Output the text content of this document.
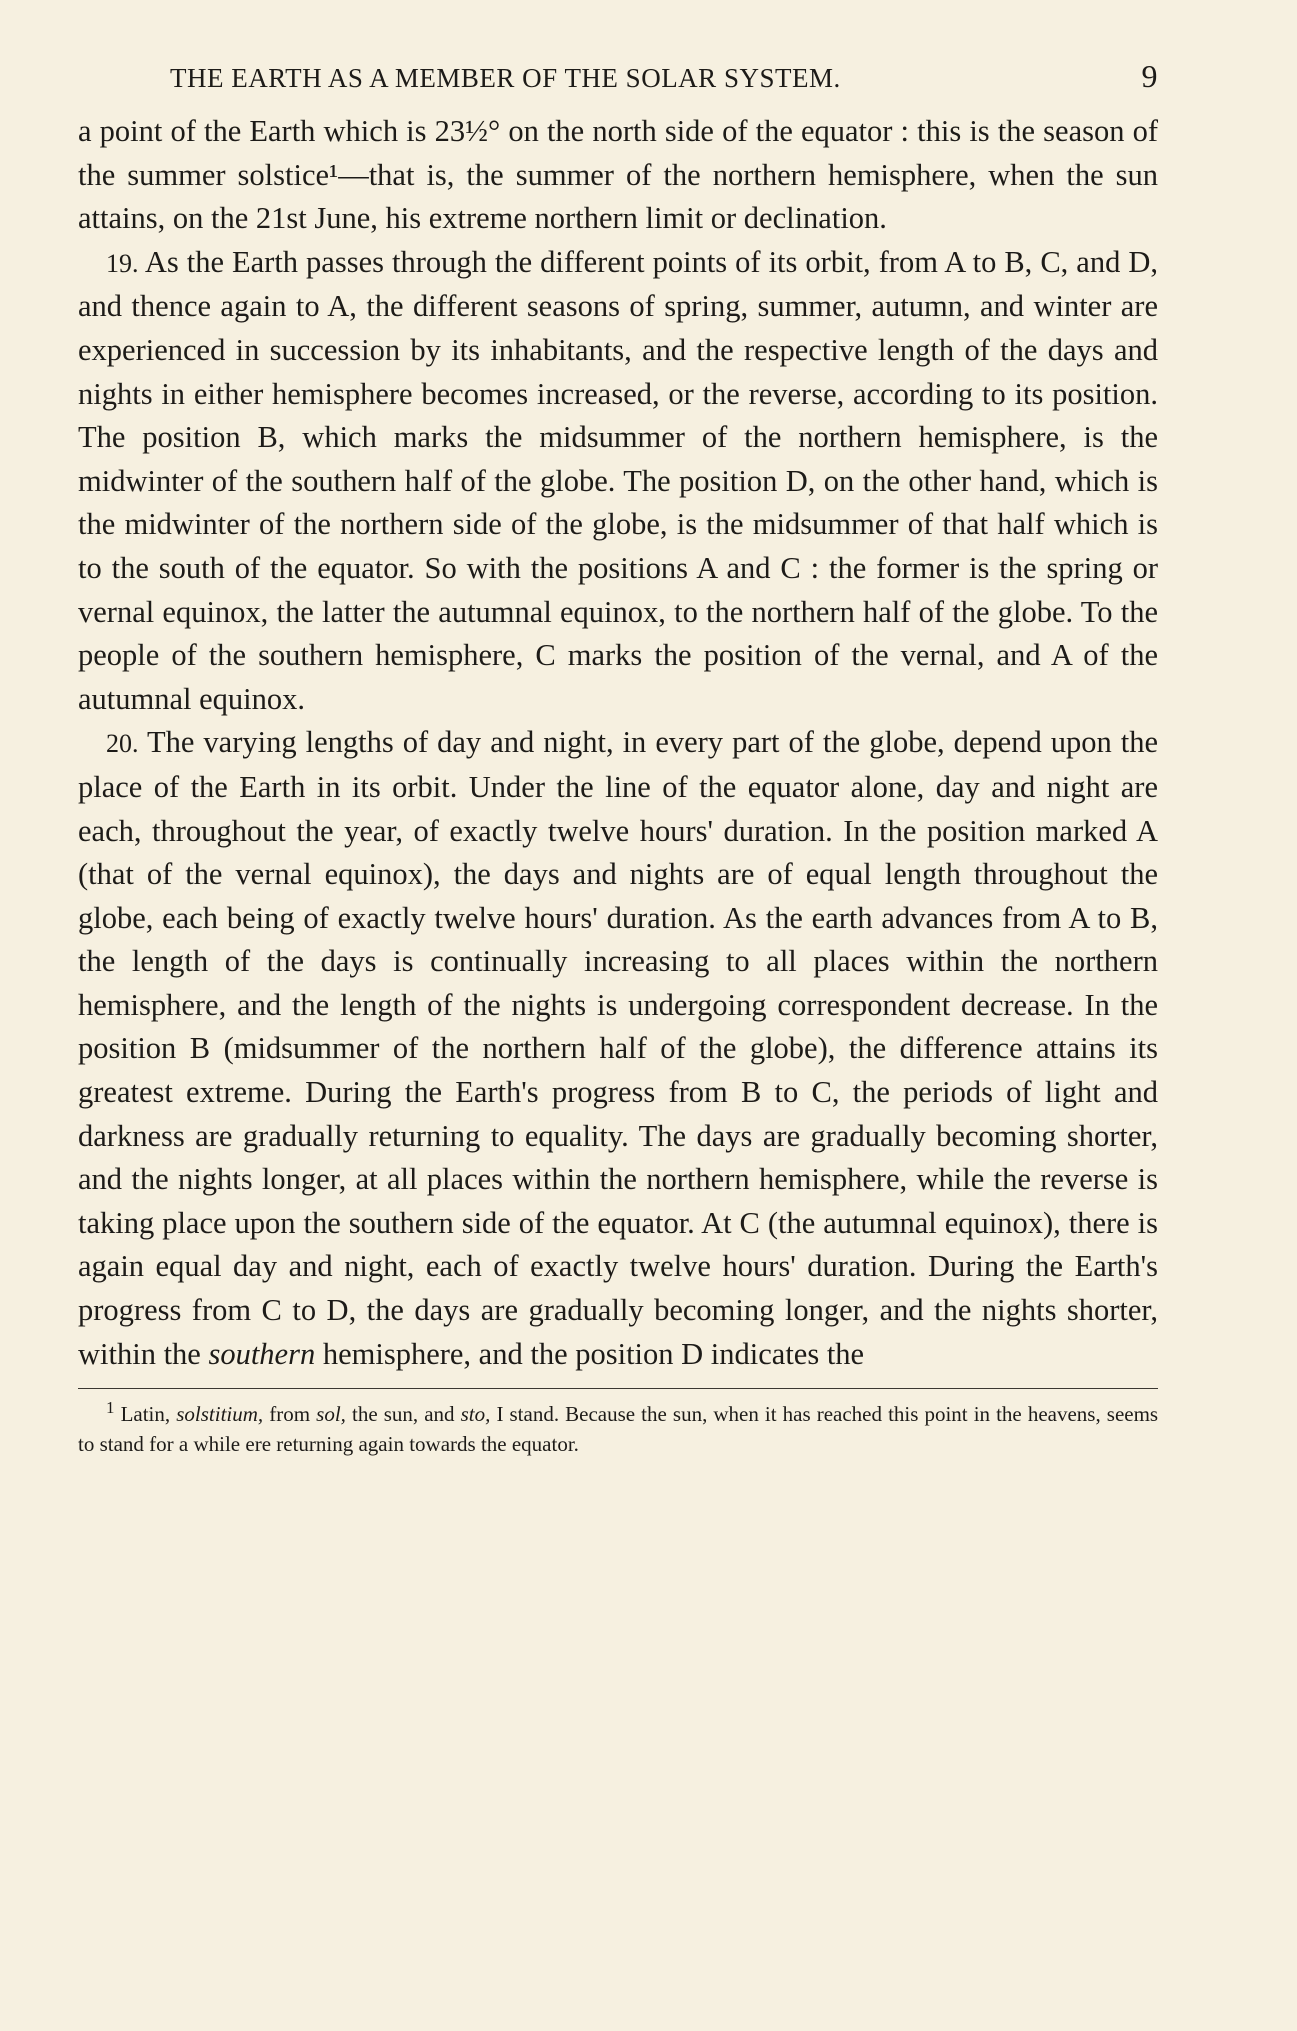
THE EARTH AS A MEMBER OF THE SOLAR SYSTEM.	9

a point of the Earth which is 23½° on the north side of the equator : this is the season of the summer solstice¹—that is, the summer of the northern hemisphere, when the sun attains, on the 21st June, his extreme northern limit or declination.

19. As the Earth passes through the different points of its orbit, from A to B, C, and D, and thence again to A, the different seasons of spring, summer, autumn, and winter are experienced in succession by its inhabitants, and the respective length of the days and nights in either hemisphere becomes increased, or the reverse, according to its position. The position B, which marks the midsummer of the northern hemisphere, is the midwinter of the southern half of the globe. The position D, on the other hand, which is the midwinter of the northern side of the globe, is the midsummer of that half which is to the south of the equator. So with the positions A and C : the former is the spring or vernal equinox, the latter the autumnal equinox, to the northern half of the globe. To the people of the southern hemisphere, C marks the position of the vernal, and A of the autumnal equinox.

20. The varying lengths of day and night, in every part of the globe, depend upon the place of the Earth in its orbit. Under the line of the equator alone, day and night are each, throughout the year, of exactly twelve hours' duration. In the position marked A (that of the vernal equinox), the days and nights are of equal length throughout the globe, each being of exactly twelve hours' duration. As the earth advances from A to B, the length of the days is continually increasing to all places within the northern hemisphere, and the length of the nights is undergoing correspondent decrease. In the position B (midsummer of the northern half of the globe), the difference attains its greatest extreme. During the Earth's progress from B to C, the periods of light and darkness are gradually returning to equality. The days are gradually becoming shorter, and the nights longer, at all places within the northern hemisphere, while the reverse is taking place upon the southern side of the equator. At C (the autumnal equinox), there is again equal day and night, each of exactly twelve hours' duration. During the Earth's progress from C to D, the days are gradually becoming longer, and the nights shorter, within the southern hemisphere, and the position D indicates the

$^1$ Latin, solstitium, from sol, the sun, and sto, I stand. Because the sun, when it has reached this point in the heavens, seems to stand for a while ere returning again towards the equator.
